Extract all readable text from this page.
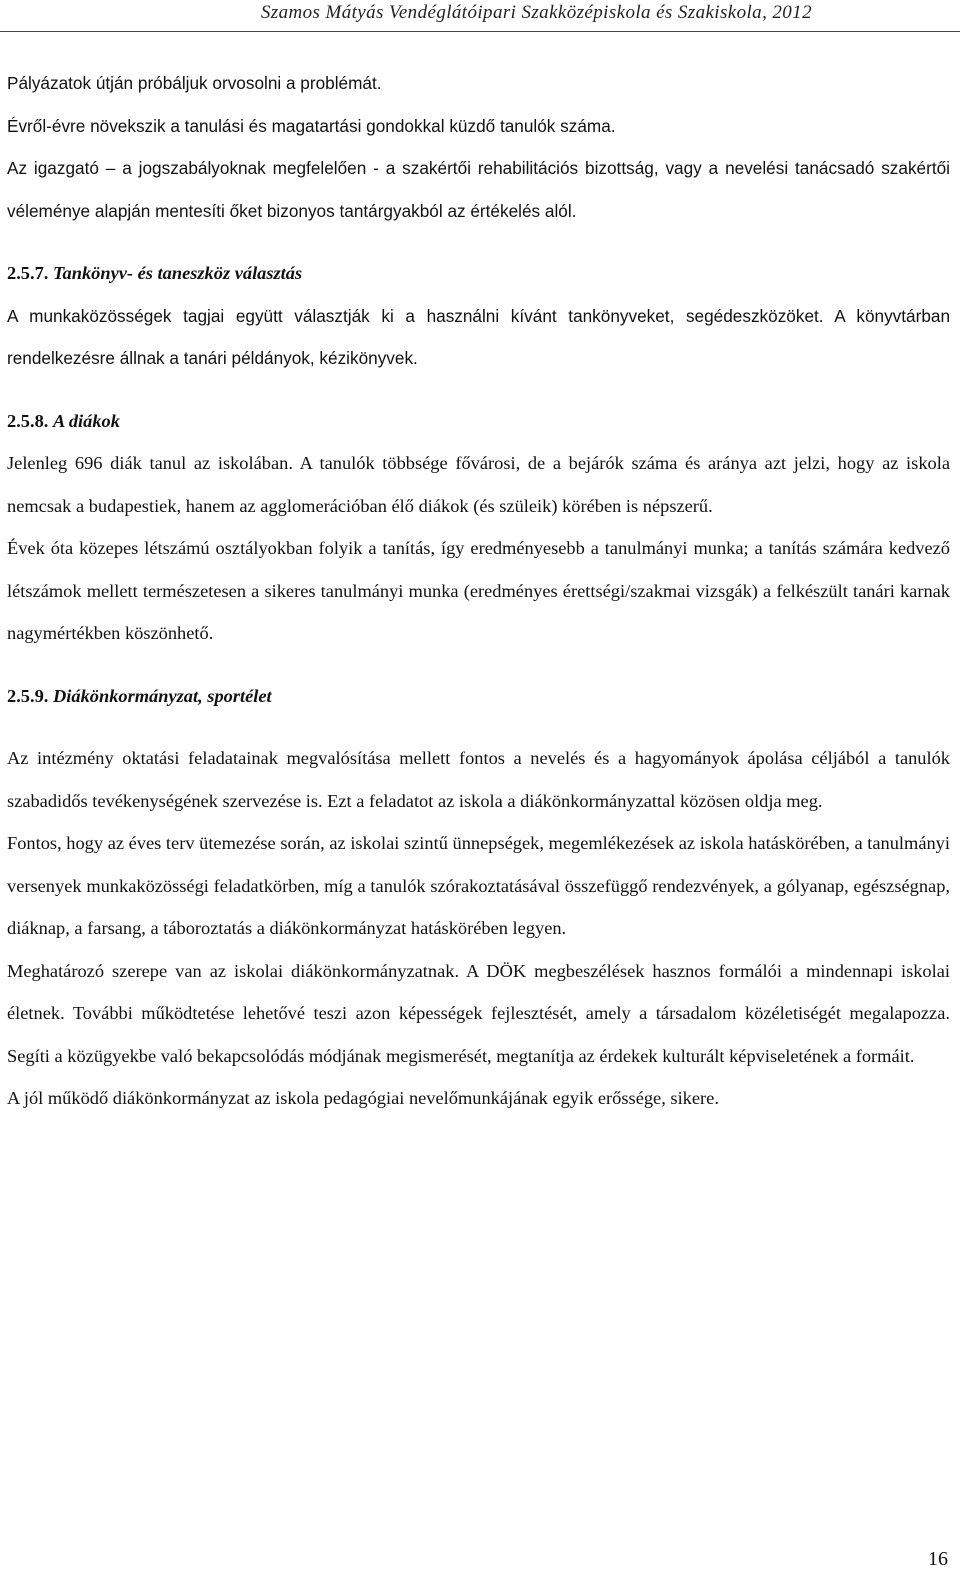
Szamos Mátyás Vendéglátóipari Szakközépiskola és Szakiskola, 2012

Pályázatok útján próbáljuk orvosolni a problémát.

Évről-évre növekszik a tanulási és magatartási gondokkal küzdő tanulók száma.

Az igazgató – a jogszabályoknak megfelelően - a szakértői rehabilitációs bizottság, vagy a nevelési tanácsadó szakértői véleménye alapján mentesíti őket bizonyos tantárgyakból az értékelés alól.

2.5.7. Tankönyv- és taneszköz választás

A munkaközösségek tagjai együtt választják ki a használni kívánt tankönyveket, segédeszközöket. A könyvtárban rendelkezésre állnak a tanári példányok, kézikönyvek.

2.5.8. A diákok

Jelenleg 696 diák tanul az iskolában. A tanulók többsége fővárosi, de a bejárók száma és aránya azt jelzi, hogy az iskola nemcsak a budapestiek, hanem az agglomerációban élő diákok (és szüleik) körében is népszerű.

Évek óta közepes létszámú osztályokban folyik a tanítás, így eredményesebb a tanulmányi munka; a tanítás számára kedvező létszámok mellett természetesen a sikeres tanulmányi munka (eredményes érettségi/szakmai vizsgák) a felkészült tanári karnak nagymértékben köszönhető.

2.5.9. Diákönkormányzat, sportélet

Az intézmény oktatási feladatainak megvalósítása mellett fontos a nevelés és a hagyományok ápolása céljából a tanulók szabadidős tevékenységének szervezése is. Ezt a feladatot az iskola a diákönkormányzattal közösen oldja meg.

Fontos, hogy az éves terv ütemezése során, az iskolai szintű ünnepségek, megemlékezések az iskola hatáskörében, a tanulmányi versenyek munkaközösségi feladatkörben, míg a tanulók szórakoztatásával összefüggő rendezvények, a gólyanap, egészségnap, diáknap, a farsang, a táboroztatás a diákönkormányzat hatáskörében legyen.

Meghatározó szerepe van az iskolai diákönkormányzatnak. A DÖK megbeszélések hasznos formálói a mindennapi iskolai életnek. További működtetése lehetővé teszi azon képességek fejlesztését, amely a társadalom közéletiségét megalapozza. Segíti a közügyekbe való bekapcsolódás módjának megismerését, megtanítja az érdekek kulturált képviseletének a formáit.

A jól működő diákönkormányzat az iskola pedagógiai nevelőmunkájának egyik erőssége, sikere.

16
